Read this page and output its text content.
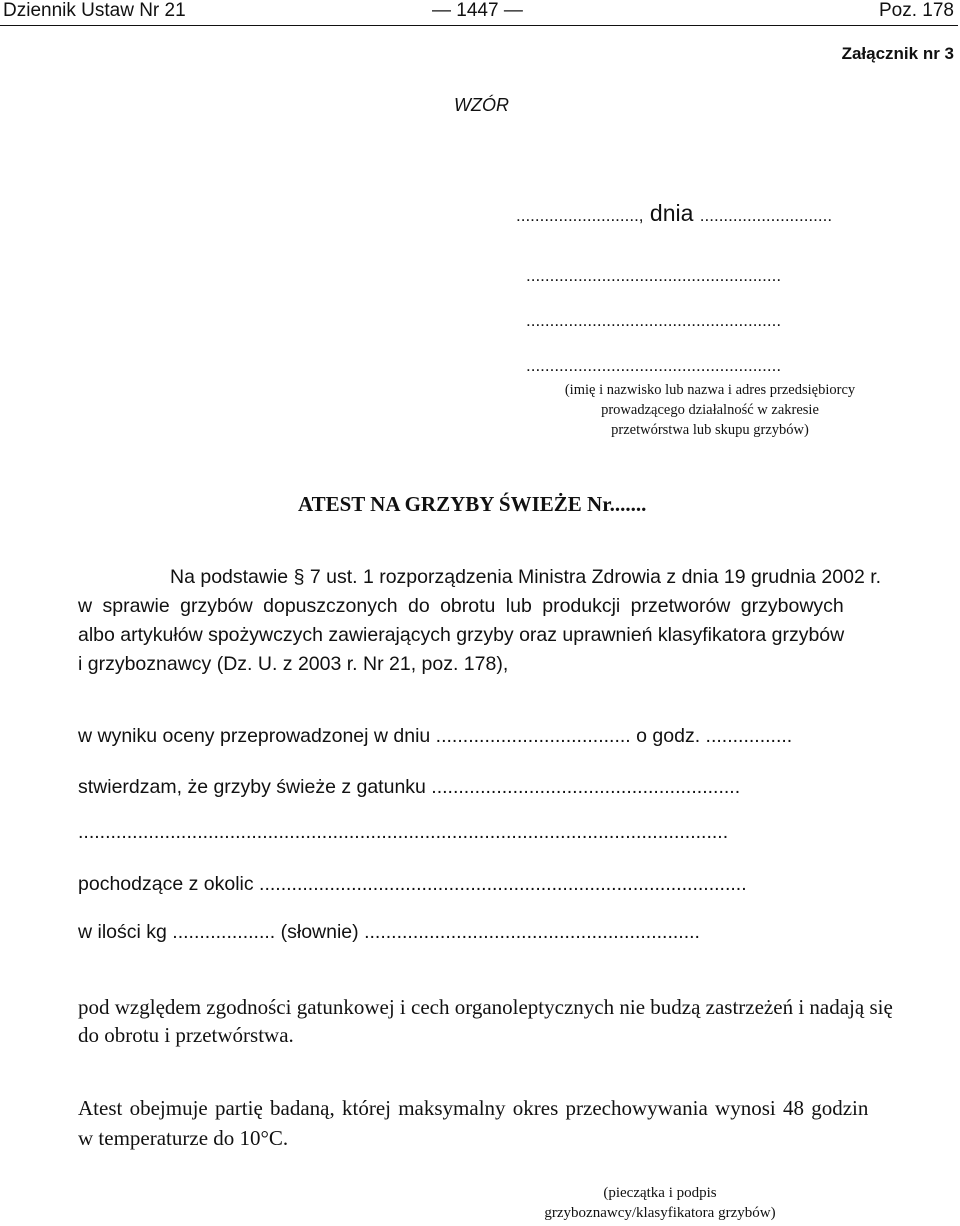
Dziennik Ustaw Nr 21	— 1447 —	Poz. 178
Załącznik nr 3
WZÓR
.........................., dnia ............................
......................................................
......................................................
......................................................
(imię i nazwisko lub nazwa i adres przedsiębiorcy
prowadzącego działalność w zakresie
przetwórstwa lub skupu grzybów)
ATEST NA GRZYBY ŚWIEŻE Nr.......
Na podstawie § 7 ust. 1 rozporządzenia Ministra Zdrowia z dnia 19 grudnia 2002 r.
w sprawie grzybów dopuszczonych do obrotu lub produkcji przetworów grzybowych
albo artykułów spożywczych zawierających grzyby oraz uprawnień klasyfikatora grzybów
i grzyboznawcy (Dz. U. z 2003 r. Nr 21, poz. 178),
w wyniku oceny przeprowadzonej w dniu .................................... o godz. ................
stwierdzam, że grzyby świeże z gatunku .........................................................
........................................................................................................................
pochodzące z okolic ..........................................................................................
w ilości kg ................... (słownie) ..............................................................
pod względem zgodności gatunkowej i cech organoleptycznych nie budzą zastrzeżeń i nadają się
do obrotu i przetwórstwa.
Atest obejmuje partię badaną, której maksymalny okres przechowywania wynosi 48 godzin
w temperaturze do 10°C.
(pieczątka i podpis
grzyboznawcy/klasyfikatora grzybów)
